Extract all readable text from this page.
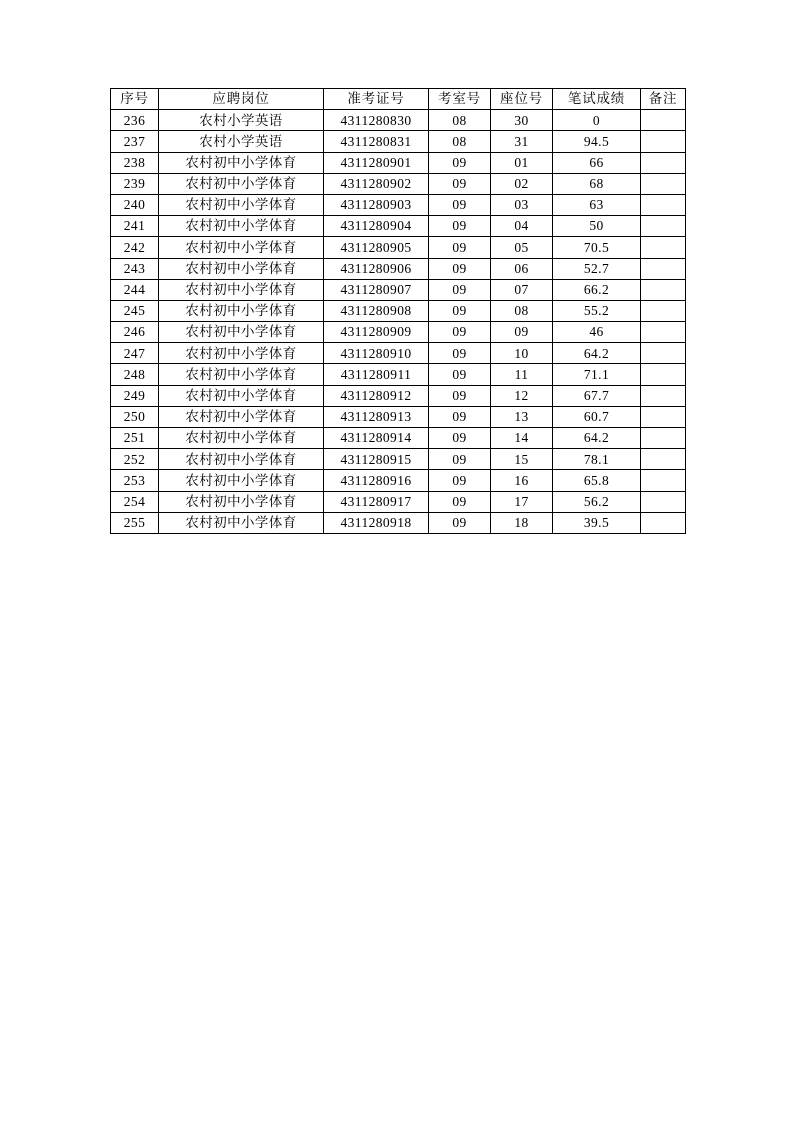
序号	应聘岗位	准考证号	考室号	座位号	笔试成绩	备注
236	农村小学英语	4311280830	08	30	0	
237	农村小学英语	4311280831	08	31	94.5	
238	农村初中小学体育	4311280901	09	01	66	
239	农村初中小学体育	4311280902	09	02	68	
240	农村初中小学体育	4311280903	09	03	63	
241	农村初中小学体育	4311280904	09	04	50	
242	农村初中小学体育	4311280905	09	05	70.5	
243	农村初中小学体育	4311280906	09	06	52.7	
244	农村初中小学体育	4311280907	09	07	66.2	
245	农村初中小学体育	4311280908	09	08	55.2	
246	农村初中小学体育	4311280909	09	09	46	
247	农村初中小学体育	4311280910	09	10	64.2	
248	农村初中小学体育	4311280911	09	11	71.1	
249	农村初中小学体育	4311280912	09	12	67.7	
250	农村初中小学体育	4311280913	09	13	60.7	
251	农村初中小学体育	4311280914	09	14	64.2	
252	农村初中小学体育	4311280915	09	15	78.1	
253	农村初中小学体育	4311280916	09	16	65.8	
254	农村初中小学体育	4311280917	09	17	56.2	
255	农村初中小学体育	4311280918	09	18	39.5	
